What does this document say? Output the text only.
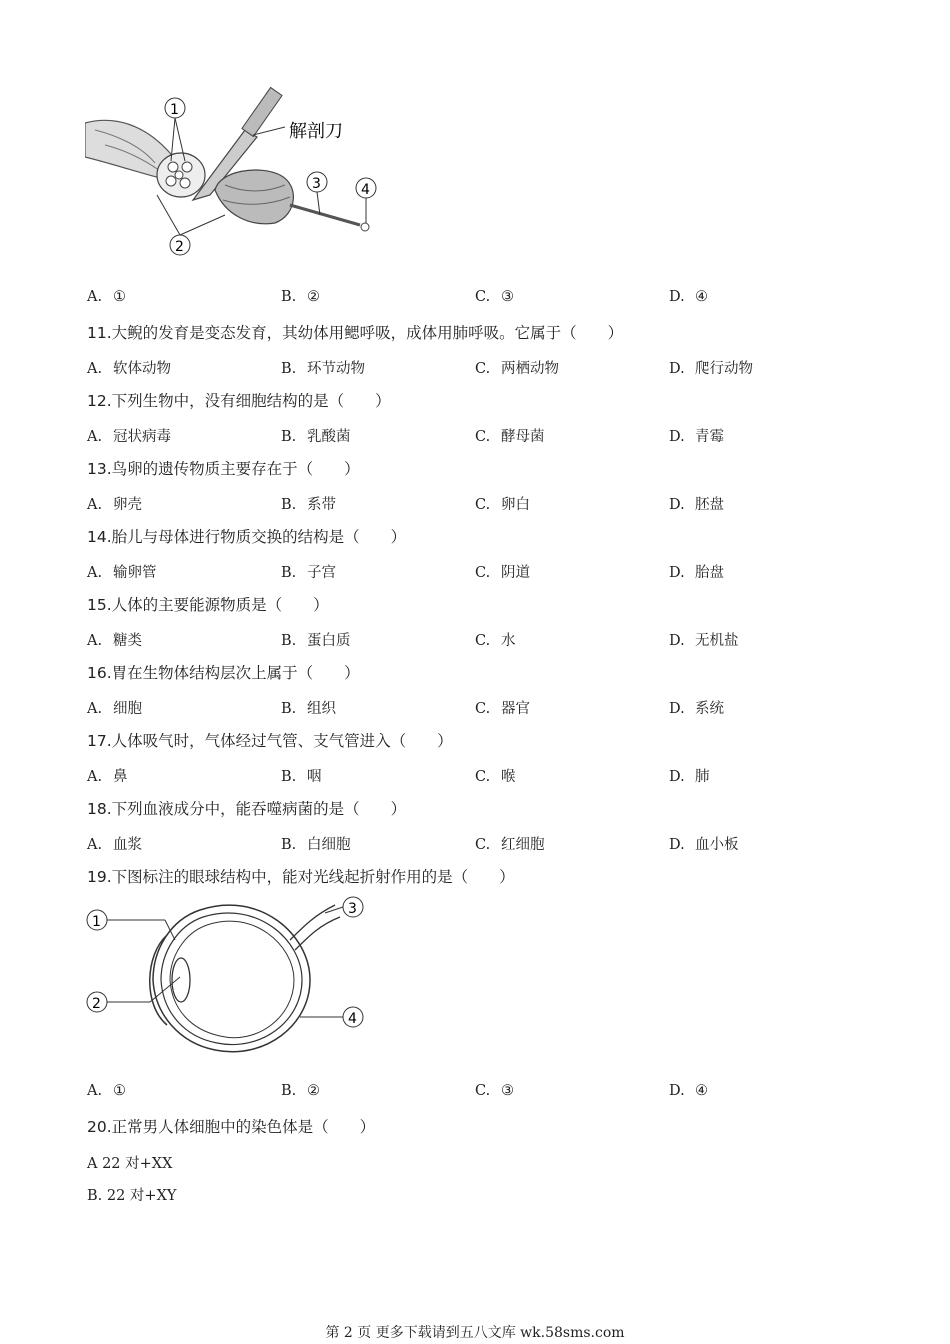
解剖刀
1
2
3	4
A. ①	B. ②	C. ③	D. ④
11.大鲵的发育是变态发育，其幼体用鳃呼吸，成体用肺呼吸。它属于（　　）
A. 软体动物	B. 环节动物	C. 两栖动物	D. 爬行动物
12.下列生物中，没有细胞结构的是（　　）
A. 冠状病毒	B. 乳酸菌	C. 酵母菌	D. 青霉
13.鸟卵的遗传物质主要存在于（　　）
A. 卵壳	B. 系带	C. 卵白	D. 胚盘
14.胎儿与母体进行物质交换的结构是（　　）
A. 输卵管	B. 子宫	C. 阴道	D. 胎盘
15.人体的主要能源物质是（　　）
A. 糖类	B. 蛋白质	C. 水	D. 无机盐
16.胃在生物体结构层次上属于（　　）
A. 细胞	B. 组织	C. 器官	D. 系统
17.人体吸气时，气体经过气管、支气管进入（　　）
A. 鼻	B. 咽	C. 喉	D. 肺
18.下列血液成分中，能吞噬病菌的是（　　）
A. 血浆	B. 白细胞	C. 红细胞	D. 血小板
19.下图标注的眼球结构中，能对光线起折射作用的是（　　）
1
2
3
4
A. ①	B. ②	C. ③	D. ④
20.正常男人体细胞中的染色体是（　　）
A 22 对+XX
B. 22 对+XY
第 2 页 更多下载请到五八文库 wk.58sms.com
